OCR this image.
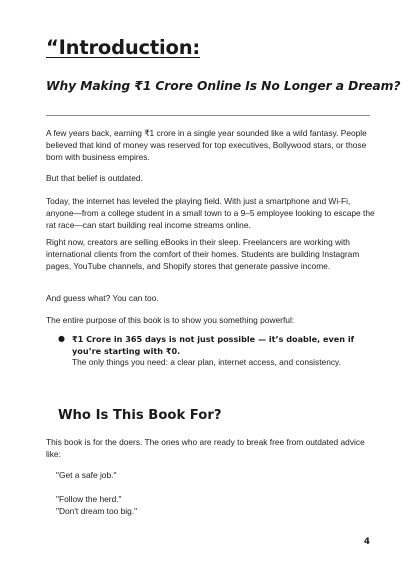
“Introduction:
Why Making ₹1 Crore Online Is No Longer a Dream?

A few years back, earning ₹1 crore in a single year sounded like a wild fantasy. People believed that kind of money was reserved for top executives, Bollywood stars, or those born with business empires.

But that belief is outdated.

Today, the internet has leveled the playing field. With just a smartphone and Wi-Fi, anyone—from a college student in a small town to a 9–5 employee looking to escape the rat race—can start building real income streams online.

Right now, creators are selling eBooks in their sleep. Freelancers are working with international clients from the comfort of their homes. Students are building Instagram pages, YouTube channels, and Shopify stores that generate passive income.

And guess what? You can too.

The entire purpose of this book is to show you something powerful:

● ₹1 Crore in 365 days is not just possible — it’s doable, even if you’re starting with ₹0.

The only things you need: a clear plan, internet access, and consistency.

Who Is This Book For?

This book is for the doers. The ones who are ready to break free from outdated advice like:

"Get a safe job."

"Follow the herd."

"Don't dream too big."

4
